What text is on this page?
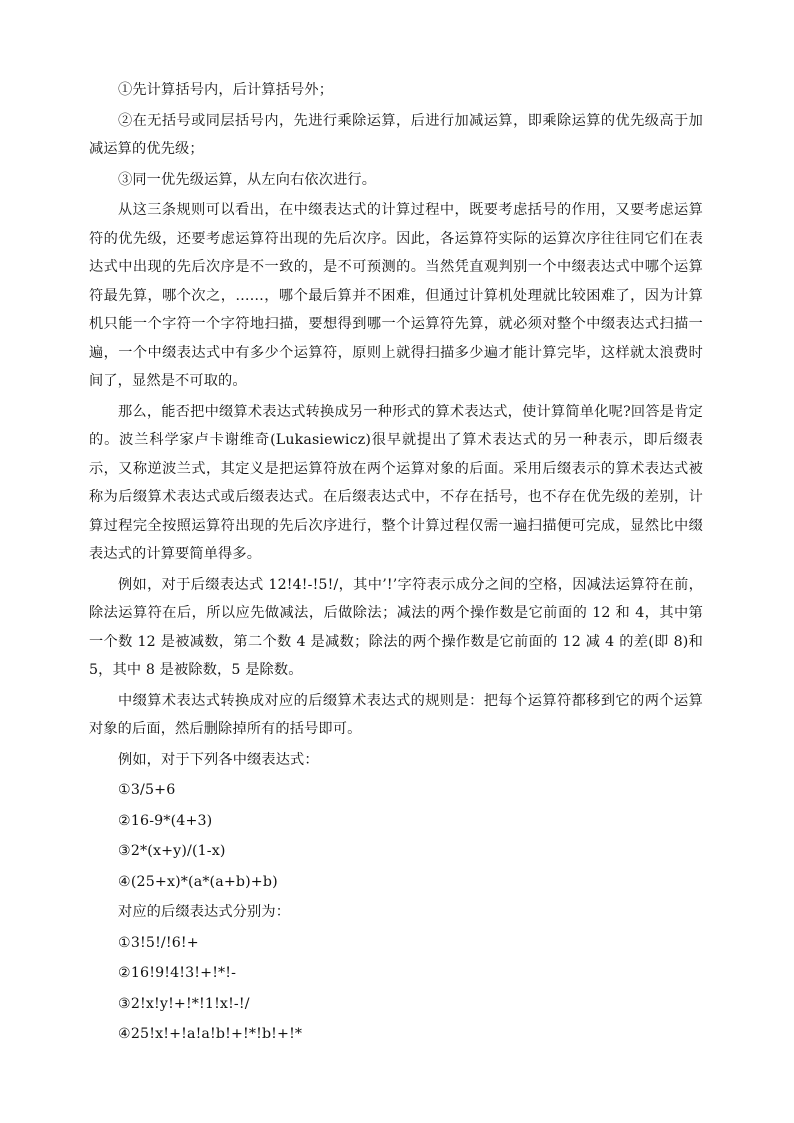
①先计算括号内，后计算括号外；

②在无括号或同层括号内，先进行乘除运算，后进行加减运算，即乘除运算的优先级高于加减运算的优先级；

③同一优先级运算，从左向右依次进行。

从这三条规则可以看出，在中缀表达式的计算过程中，既要考虑括号的作用，又要考虑运算符的优先级，还要考虑运算符出现的先后次序。因此，各运算符实际的运算次序往往同它们在表达式中出现的先后次序是不一致的，是不可预测的。当然凭直观判别一个中缀表达式中哪个运算符最先算，哪个次之，……，哪个最后算并不困难，但通过计算机处理就比较困难了，因为计算机只能一个字符一个字符地扫描，要想得到哪一个运算符先算，就必须对整个中缀表达式扫描一遍，一个中缀表达式中有多少个运算符，原则上就得扫描多少遍才能计算完毕，这样就太浪费时间了，显然是不可取的。

那么，能否把中缀算术表达式转换成另一种形式的算术表达式，使计算简单化呢?回答是肯定的。波兰科学家卢卡谢维奇(Lukasiewicz)很早就提出了算术表达式的另一种表示，即后缀表示，又称逆波兰式，其定义是把运算符放在两个运算对象的后面。采用后缀表示的算术表达式被称为后缀算术表达式或后缀表达式。在后缀表达式中，不存在括号，也不存在优先级的差别，计算过程完全按照运算符出现的先后次序进行，整个计算过程仅需一遍扫描便可完成，显然比中缀表达式的计算要简单得多。

例如，对于后缀表达式 12!4!-!5!/，其中’!’字符表示成分之间的空格，因减法运算符在前，除法运算符在后，所以应先做减法，后做除法；减法的两个操作数是它前面的 12 和 4，其中第一个数 12 是被减数，第二个数 4 是减数；除法的两个操作数是它前面的 12 减 4 的差(即 8)和 5，其中 8 是被除数，5 是除数。

中缀算术表达式转换成对应的后缀算术表达式的规则是：把每个运算符都移到它的两个运算对象的后面，然后删除掉所有的括号即可。

例如，对于下列各中缀表达式：

①3/5+6

②16-9*(4+3)

③2*(x+y)/(1-x)

④(25+x)*(a*(a+b)+b)

对应的后缀表达式分别为：

①3!5!/!6!+

②16!9!4!3!+!*!-

③2!x!y!+!*!1!x!-!/

④25!x!+!a!a!b!+!*!b!+!*
